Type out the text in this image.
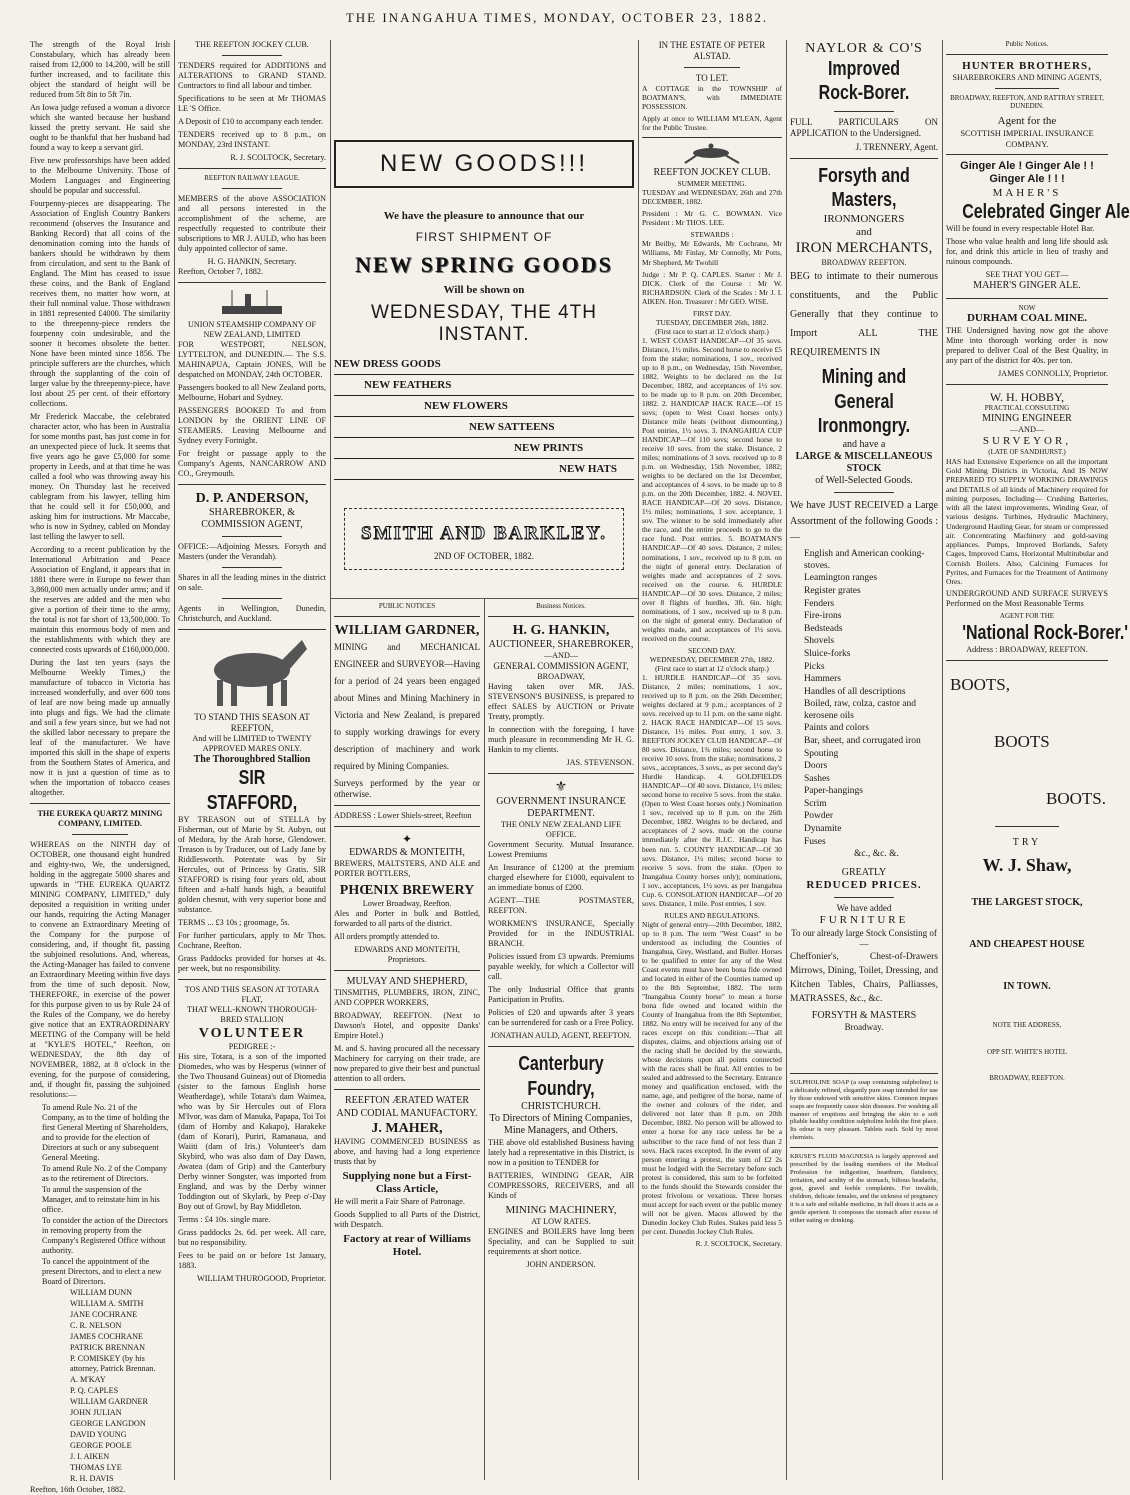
THE INANGAHUA TIMES, MONDAY, OCTOBER 23, 1882.

The strength of the Royal Irish Constabulary, which has already been raised from 12,000 to 14,200, will be still further increased, and to facilitate this object the standard of height will be reduced from 5ft 8in to 5ft 7in.

An Iowa judge refused a woman a divorce which she wanted because her husband kissed the pretty servant. He said she ought to be thankful that her husband had found a way to keep a servant girl.

Five new professorships have been added to the Melbourne University. Those of Modern Languages and Engineering should be popular and successful.

Fourpenny-pieces are disappearing. The Association of English Country Bankers recommend (observes the Insurance and Banking Record) that all coins of the denomination coming into the hands of bankers should be withdrawn by them from circulation, and sent to the Bank of England. The Mint has ceased to issue these coins, and the Bank of England receives them, no matter how worn, at their full nominal value. Those withdrawn in 1881 represented £4000. The similarity to the threepenny-piece renders the fourpenny coin undesirable, and the sooner it becomes obsolete the better. None have been minted since 1856. The principle sufferers are the churches, which through the supplanting of the coin of larger value by the threepenny-piece, have lost about 25 per cent. of their effortory collections.

Mr Frederick Maccabe, the celebrated character actor, who has been in Australia for some months past, has just come in for an unexpected piece of luck. It seems that five years ago he gave £5,000 for some property in Leeds, and at that time he was called a fool who was throwing away his money. On Thursday last he received cablegram from his lawyer, telling him that he could sell it for £50,000, and asking him for instructions. Mr Maccabe, who is now in Sydney, cabled on Monday last telling the lawyer to sell.

According to a recent publication by the International Arbitration and Peace Association of England, it appears that in 1881 there were in Europe no fewer than 3,860,000 men actually under arms; and if the reserves are added and the men who give a portion of their time to the army, the total is not far short of 13,500,000. To maintain this enormous body of men and the establishments with which they are connected costs upwards of £160,000,000.

During the last ten years (says the Melbourne Weekly Times,) the manufacture of tobacco in Victoria has increased wonderfully, and over 600 tons of leaf are now being made up annually into plugs and figs. We had the climate and soil a few years since, but we had not the skilled labor necessary to prepare the leaf of the manufacturer. We have imported this skill in the shape of experts from the Southern States of America, and now it is just a question of time as to when the importation of tobacco ceases altogether.

THE EUREKA QUARTZ MINING COMPANY, LIMITED.

WHEREAS on the NINTH day of OCTOBER, one thousand eight hundred and eighty-two, We, the undersigned, holding in the aggregate 5000 shares and upwards in "THE EUREKA QUARTZ MINING COMPANY, LIMITED," duly deposited a requisition in writing under our hands, requiring the Acting Manager to convene an Extraordinary Meeting of the Company for the purpose of considering, and, if thought fit, passing the subjoined resolutions. And, whereas, the Acting-Manager has failed to convene an Extraordinary Meeting within five days from the time of such deposit. Now, THEREFORE, in exercise of the power for this purpose given to us by Rule 24 of the Rules of the Company, we do hereby give notice that an EXTRAORDINARY MEETING of the Company will be held at "KYLE'S HOTEL," Reefton, on WEDNESDAY, the 8th day of NOVEMBER, 1882, at 8 o'clock in the evening, for the purpose of considering, and, if thought fit, passing the subjoined resolutions:—

To amend Rule No. 21 of the Company, as to the time of holding the first General Meeting of Shareholders, and to provide for the election of Directors at such or any subsequent General Meeting.
To amend Rule No. 2 of the Company as to the retirement of Directors.
To annul the suspension of the Manager, and to reinstate him in his office.
To consider the action of the Directors in removing property from the Company's Registered Office without authority.
To cancel the appointment of the present Directors, and to elect a new Board of Directors.
WILLIAM DUNN
WILLIAM A. SMITH
JANE COCHRANE
C. R. NELSON
JAMES COCHRANE
PATRICK BRENNAN
P. COMISKEY (by his attorney, Patrick Brennan.
A. M'KAY
P. Q. CAPLES
WILLIAM GARDNER
JOHN JULIAN
GEORGE LANGDON
DAVID YOUNG
GEORGE POOLE
J. I. AIKEN
THOMAS LYE
R. H. DAVIS
Reefton, 16th October, 1882.
THE REEFTON JOCKEY CLUB.

TENDERS required for ADDITIONS and ALTERATIONS to GRAND STAND. Contractors to find all labour and timber.

Specifications to be seen at Mr THOMAS LE 'S Office.

A Deposit of £10 to accompany each tender.

TENDERS received up to 8 p.m., on MONDAY, 23rd INSTANT.

R. J. SCOLTOCK, Secretary.
REEFTON RAILWAY LEAGUE.

MEMBERS of the above ASSOCIATION and all persons interested in the accomplishment of the scheme, are respectfully requested to contribute their subscriptions to MR J. AULD, who has been duly appointed collector of same.

H. G. HANKIN, Secretary.
Reefton, October 7, 1882.
UNION STEAMSHIP COMPANY OF NEW ZEALAND, LIMITED

FOR WESTPORT, NELSON, LYTTELTON, and DUNEDIN.— The S.S. MAHINAPUA, Captain JONES, Will be despatched on MONDAY, 24th OCTOBER.

Passengers booked to all New Zealand ports, Melbourne, Hobart and Sydney.

PASSENGERS BOOKED To and from LONDON by the ORIENT LINE OF STEAMERS. Leaving Melbourne and Sydney every Fortnight.

For freight or passage apply to the Company's Agents, NANCARROW AND CO., Greymouth.

D. P. ANDERSON,
SHAREBROKER, & COMMISSION AGENT,

OFFICE:—Adjoining Messrs. Forsyth and Masters (under the Verandah).

Shares in all the leading mines in the district on sale.

Agents in Wellington, Dunedin, Christchurch, and Auckland.

TO STAND THIS SEASON AT REEFTON,
And will be LIMITED to TWENTY APPROVED MARES ONLY.
The Thoroughbred Stallion
SIR STAFFORD,

BY TREASON out of STELLA by Fisherman, out of Marie by St. Aubyn, out of Medora, by the Arab horse, Glendower. Treason is by Traducer, out of Lady Jane by Riddlesworth. Potentate was by Sir Hercules, out of Princess by Gratis. SIR STAFFORD is rising four years old, about fifteen and a-half hands high, a beautiful golden chesnut, with very superior bone and substance.

TERMS ... £3 10s ; groomage, 5s.

For further particulars, apply to Mr Thos. Cochrane, Reefton.

Grass Paddocks provided for horses at 4s. per week, but no responsibility.

TOS AND THIS SEASON AT TOTARA FLAT,
THAT WELL-KNOWN THOROUGH-BRED STALLION
VOLUNTEER
PEDIGREE :-

His sire, Totara, is a son of the imported Diomedes, who was by Hesperus (winner of the Two Thousand Guineas) out of Diomedia (sister to the famous English horse Weatherdage), while Totara's dam Waimea, who was by Sir Hercules out of Flora M'Ivor, was dam of Manuka, Papapa, Toi Toi (dam of Hornby and Kakapo), Harakeke (dam of Korari), Puriri, Ramanaua, and Waiiti (dam of Iris.) Volunteer's dam Skybird, who was also dam of Day Dawn, Awatea (dam of Grip) and the Canterbury Derby winner Songster, was imported from England, and was by the Derby winner Toddington out of Skylark, by Peep o'-Day Boy out of Growl, by Bay Middleton.

Terms : £4 10s. single mare.

Grass paddocks 2s. 6d. per week. All care, but no responsibility.

Fees to be paid on or before 1st January, 1883.

WILLIAM THUROGOOD, Proprietor.
NEW GOODS!!!
We have the pleasure to announce that our
FIRST SHIPMENT OF
NEW SPRING GOODS
Will be shown on
WEDNESDAY, THE 4TH INSTANT.
NEW DRESS GOODS
NEW FEATHERS
NEW FLOWERS
NEW SATTEENS
NEW PRINTS
NEW HATS
SMITH AND BARKLEY.
2ND OF OCTOBER, 1882.
PUBLIC NOTICES
WILLIAM GARDNER,

MINING and MECHANICAL ENGINEER and SURVEYOR—Having for a period of 24 years been engaged about Mines and Mining Machinery in Victoria and New Zealand, is prepared to supply working drawings for every description of machinery and work required by Mining Companies.

Surveys performed by the year or otherwise.

ADDRESS : Lower Shiels-street, Reefton

✦
EDWARDS & MONTEITH,

BREWERS, MALTSTERS, AND ALE and PORTER BOTTLERS,

PHŒNIX BREWERY
Lower Broadway, Reefton.

Ales and Porter in bulk and Bottled, forwarded to all parts of the district.

All orders promptly attended to.

EDWARDS AND MONTEITH, Proprietors.
MULVAY AND SHEPHERD,

TINSMITHS, PLUMBERS, IRON, ZINC, AND COPPER WORKERS,

BROADWAY, REEFTON. (Next to Dawson's Hotel, and opposite Danks' Empire Hotel.)

M. and S. having procured all the necessary Machinery for carrying on their trade, are now prepared to give their best and punctual attention to all orders.

REEFTON ÆRATED WATER AND CODIAL MANUFACTORY.
J. MAHER,

HAVING COMMENCED BUSINESS as above, and having had a long experience trusts that by

Supplying none but a First-Class Article,

He will merit a Fair Share of Patronage.

Goods Supplied to all Parts of the District, with Despatch.

Factory at rear of Williams Hotel.
Business Notices.
H. G. HANKIN,
AUCTIONEER, SHAREBROKER,
—AND—
GENERAL COMMISSION AGENT,
BROADWAY,

Having taken over MR. JAS. STEVENSON'S BUSINESS, is prepared to effect SALES by AUCTION or Private Treaty, promptly.

In connection with the foregoing, I have much pleasure in recommending Mr H. G. Hankin to my clients.

JAS. STEVENSON.
⚜
GOVERNMENT INSURANCE DEPARTMENT.
THE ONLY NEW ZEALAND LIFE OFFICE.

Government Security. Mutual Insurance. Lowest Premiums

An Insurance of £1200 at the premium charged elsewhere for £1000, equivalent to an immediate bonus of £200.

AGENT—THE POSTMASTER, REEFTON.

WORKMEN'S INSURANCE, Specially Provided for in the INDUSTRIAL BRANCH.

Policies issued from £3 upwards. Premiums payable weekly, for which a Collector will call.

The only Industrial Office that grants Participation in Profits.

Policies of £20 and upwards after 3 years can be surrendered for cash or a Free Policy.

JONATHAN AULD, AGENT, REEFTON.
Canterbury Foundry,
CHRISTCHURCH.
To Directors of Mining Companies, Mine Managers, and Others.

THE above old established Business having lately had a representative in this District, is now in a position to TENDER for

BATTERIES, WINDING GEAR, AIR COMPRESSORS, RECEIVERS, and all Kinds of

MINING MACHINERY,
AT LOW RATES.

ENGINES and BOILERS have long been Speciality, and can be Supplied to suit requirements at short notice.

JOHN ANDERSON.
IN THE ESTATE OF PETER ALSTAD.
TO LET.

A COTTAGE in the TOWNSHIP of BOATMAN'S, with IMMEDIATE POSSESSION.

Apply at once to WILLIAM M'LEAN, Agent for the Public Trustee.

REEFTON JOCKEY CLUB.
SUMMER MEETING.

TUESDAY and WEDNESDAY, 26th and 27th DECEMBER, 1882.

President : Mr G. C. BOWMAN. Vice President : Mr THOS. LEE.

STEWARDS :

Mr Beilby, Mr Edwards, Mr Cochrane, Mr Williams, Mr Finlay, Mr Connolly, Mr Potts, Mr Shepherd, Mr Twohill

Judge : Mr P. Q. CAPLES. Starter : Mr J. DICK. Clerk of the Course : Mr W. RICHARDSON. Clerk of the Scales : Mr J. I. AIKEN. Hon. Treasurer : Mr GEO. WISE.

FIRST DAY.
TUESDAY, DECEMBER 26th, 1882.
(First race to start at 12 o'clock sharp.)

1. WEST COAST HANDICAP—Of 35 sovs. Distance, 1½ miles. Second horse to receive £5 from the stake; nominations, 1 sov., received up to 8 p.m., on Wednesday, 15th November, 1882. Weights to be declared on the 1st December, 1882, and acceptances of 1½ sov. to be made up to 8 p.m. on 20th December, 1882. 2. HANDICAP HACK RACE—Of 15 sovs; (open to West Coast horses only.) Distance mile heats (without dismounting.) Post entries, 1½ sovs. 3. INANGAHUA CUP HANDICAP—Of 110 sovs; second horse to receive 10 sovs. from the stake. Distance, 2 miles; nominations of 3 sovs. received up to 8 p.m. on Wednesday, 15th November, 1882; weights to be declared on the 1st December, and acceptances of 4 sovs. to be made up to 8 p.m. on the 20th December, 1882. 4. NOVEL RACE HANDICAP—Of 20 sovs. Distance, 1½ miles; nominations, 1 sov. acceptance, 1 sov. The winner to be sold immediately after the race, and the entire proceeds to go to the race fund. Post entries. 5. BOATMAN'S HANDICAP—Of 40 sovs. Distance, 2 miles; nominations, 1 sov., received up to 8 p.m. on the night of general entry. Declaration of weights made and acceptances of 2 sovs. received on the course. 6. HURDLE HANDICAP—Of 30 sovs. Distance, 2 miles; over 8 flights of hurdles, 3ft. 6in. high; nominations, of 1 sov., received up to 8 p.m. on the night of general entry. Declaration of weights made, and acceptances of 1½ sovs. received on the course.

SECOND DAY.
WEDNESDAY, DECEMBER 27th, 1882.
(First race to start at 12 o'clock sharp.)

1. HURDLE HANDICAP—Of 35 sovs. Distance, 2 miles; nominations, 1 sov., received up to 8 p.m. on the 26th December; weights declared at 9 p.m.; acceptances of 2 sovs. received up to 11 p.m. on the same night. 2. HACK RACE HANDICAP—Of 15 sovs. Distance, 1½ miles. Post entry, 1 sov. 3. REEFTON JOCKEY CLUB HANDICAP—Of 80 sovs. Distance, 1¾ miles; second horse to receive 10 sovs. from the stake; nominations, 2 sovs., acceptances, 3 sovs., as per second day's Hurdle Handicap. 4. GOLDFIELDS HANDICAP—Of 40 sovs. Distance, 1½ miles; second horse to receive 5 sovs. from the stake. (Open to West Coast horses only.) Nomination 1 sov., received up to 8 p.m. on the 26th December, 1882. Weights to be declared, and acceptances of 2 sovs. made on the course immediately after the R.J.C. Handicap has been run. 5. COUNTY HANDICAP—Of 30 sovs. Distance, 1½ miles; second horse to receive 5 sovs. from the stake. (Open to Inangahua County horses only); nominations, 1 sov., acceptances, 1½ sovs. as per Inangahua Cup. 6. CONSOLATION HANDICAP—Of 20 sovs. Distance, 1 mile. Post entries, 1 sov.

RULES AND REGULATIONS.

Night of general entry—20th December, 1882, up to 8 p.m. The term "West Coast" to be understood as including the Counties of Inangahua, Grey, Westland, and Buller. Horses to be qualified to enter for any of the West Coast events must have been bona fide owned and located in either of the Counties named up to the 8th September, 1882. The term "Inangahua County horse" to mean a horse bona fide owned and located within the County of Inangahua from the 8th September, 1882. No entry will be received for any of the races except on this condition:—That all disputes, claims, and objections arising out of the racing shall be decided by the stewards, whose decisions upon all points connected with the races shall be final. All entries to be sealed and addressed to the Secretary. Entrance money and qualification enclosed, with the name, age, and pedigree of the horse, name of the owner and colours of the rider, and delivered not later than 8 p.m. on 20th December, 1882. No person will be allowed to enter a horse for any race unless he be a subscriber to the race fund of not less than 2 sovs. Hack races excepted. In the event of any person entering a protest, the sum of £2 2s must be lodged with the Secretary before such protest is considered, this sum to be forfeited to the funds should the Stewards consider the protest frivolous or vexatious. Three horses must accept for each event or the public money will not be given. Maces allowed by the Dunedin Jockey Club Rules. Stakes paid less 5 per cent. Dunedin Jockey Club Rules.

R. J. SCOLTOCK, Secretary.
NAYLOR & CO'S
Improved Rock-Borer.

FULL PARTICULARS ON APPLICATION to the Undersigned.

J. TRENNERY, Agent.
Forsyth and Masters,
IRONMONGERS
and
IRON MERCHANTS,
BROADWAY REEFTON.

BEG to intimate to their numerous constituents, and the Public Generally that they continue to Import ALL THE REQUIREMENTS IN

Mining and General Ironmongry.
and have a
LARGE & MISCELLANEOUS STOCK
of Well-Selected Goods.

We have JUST RECEIVED a Large Assortment of the following Goods :—

English and American cooking-stoves.
Leamington ranges
Register grates
Fenders
Fire-irons
Bedsteads
Shovels
Sluice-forks
Picks
Hammers
Handles of all descriptions
Boiled, raw, colza, castor and kerosene oils
Paints and colors
Bar, sheet, and corrugated iron
Spouting
Doors
Sashes
Paper-hangings
Scrim
Powder
Dynamite
Fuses
&c., &c. &.
GREATLY
REDUCED PRICES.
We have added
FURNITURE
To our already large Stock Consisting of—

Cheffonier's, Chest-of-Drawers Mirrows, Dining, Toilet, Dressing, and Kitchen Tables, Chairs, Palliasses, MATRASSES, &c., &c.

FORSYTH & MASTERS
Broadway.

SULPHOLINE SOAP (a soap containing sulpholine) is a delicately refined, elegantly pure soap intended for use by those endowed with sensitive skins. Common impure soaps are frequently cause skin diseases. For washing all manner of eruptions and bringing the skin to a soft pliable healthy condition sulpholine holds the first place. Its odour is very pleasant. Tablets each. Sold by most chemists.

KRUSE'S FLUID MAGNESIA is largely approved and prescribed by the leading members of the Medical Profession for indigestion, heartburn, flatulency, irritation, and acidity of the stomach, bilious headache, gout, gravel and feeble complaints. For invalids, children, delicate females, and the sickness of pregnancy it is a safe and reliable medicine, in full doses it acts as a gentle aperient. It composes the stomach after excess of either eating or drinking.

Public Notices.
HUNTER BROTHERS,
SHAREBROKERS AND MINING AGENTS,
BROADWAY, REEFTON, AND RATTRAY STREET, DUNEDIN.
Agent for the
SCOTTISH IMPERIAL INSURANCE COMPANY.
Ginger Ale ! Ginger Ale ! ! Ginger Ale ! ! !
MAHER'S
Celebrated Ginger Ale

Will be found in every respectable Hotel Bar.

Those who value health and long life should ask for, and drink this article in lieu of trashy and ruinous compounds.

SEE THAT YOU GET—
MAHER'S GINGER ALE.
NOW
DURHAM COAL MINE.

THE Undersigned having now got the above Mine into thorough working order is now prepared to deliver Coal of the Best Quality, in any part of the district for 40s. per ton.

JAMES CONNOLLY, Proprietor.
W. H. HOBBY,
PRACTICAL CONSULTING
MINING ENGINEER
—AND—
SURVEYOR,
(LATE OF SANDHURST.)

HAS had Extensive Experience on all the important Gold Mining Districts in Victoria, And IS NOW PREPARED TO SUPPLY WORKING DRAWINGS and DETAILS of all kinds of Machinery required for mining purposes, Including— Crushing Batteries, with all the latest improvements, Winding Gear, of various designs. Turbines, Hydraulic Machinery, Underground Hauling Gear, for steam or compressed air. Concentrating Machinery and gold-saving appliances. Pumps, Improved Borlands, Safety Cages, Improved Cams, Horizontal Multitubular and Cornish Boilers. Also, Calcining Furnaces for Pyrites, and Furnaces for the Treatment of Antimony Ores.

UNDERGROUND AND SURFACE SURVEYS Performed on the Most Reasonable Terms

AGENT FOR THE
'National Rock-Borer.'
Address : BROADWAY, REEFTON.
BOOTS,
BOOTS
BOOTS.
TRY
W. J. Shaw,
THE LARGEST STOCK,
AND CHEAPEST HOUSE
IN TOWN.
NOTE THE ADDRESS,
OPP SIT. WHITE'S HOTEL
BROADWAY, REEFTON.
